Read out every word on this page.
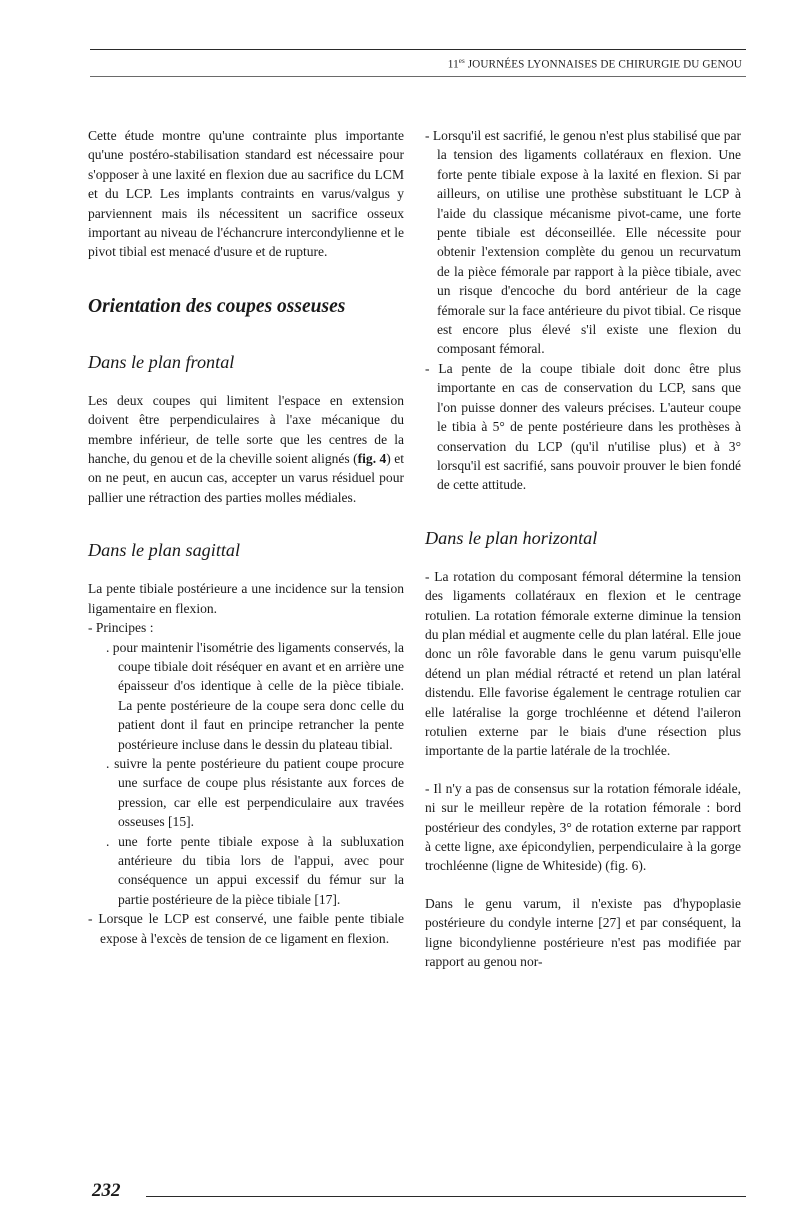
$11^{es}$ JOURNÉES LYONNAISES DE CHIRURGIE DU GENOU

Cette étude montre qu'une contrainte plus importante qu'une postéro-stabilisation standard est nécessaire pour s'opposer à une laxité en flexion due au sacrifice du LCM et du LCP. Les implants contraints en varus/valgus y parviennent mais ils nécessitent un sacrifice osseux important au niveau de l'échancrure intercondylienne et le pivot tibial est menacé d'usure et de rupture.

Orientation des coupes osseuses
Dans le plan frontal

Les deux coupes qui limitent l'espace en extension doivent être perpendiculaires à l'axe mécanique du membre inférieur, de telle sorte que les centres de la hanche, du genou et de la cheville soient alignés (fig. 4) et on ne peut, en aucun cas, accepter un varus résiduel pour pallier une rétraction des parties molles médiales.

Dans le plan sagittal

La pente tibiale postérieure a une incidence sur la tension ligamentaire en flexion.

- Principes :

. pour maintenir l'isométrie des ligaments conservés, la coupe tibiale doit réséquer en avant et en arrière une épaisseur d'os identique à celle de la pièce tibiale. La pente postérieure de la coupe sera donc celle du patient dont il faut en principe retrancher la pente postérieure incluse dans le dessin du plateau tibial.

. suivre la pente postérieure du patient coupe procure une surface de coupe plus résistante aux forces de pression, car elle est perpendiculaire aux travées osseuses [15].

. une forte pente tibiale expose à la subluxation antérieure du tibia lors de l'appui, avec pour conséquence un appui excessif du fémur sur la partie postérieure de la pièce tibiale [17].

- Lorsque le LCP est conservé, une faible pente tibiale expose à l'excès de tension de ce ligament en flexion.

- Lorsqu'il est sacrifié, le genou n'est plus stabilisé que par la tension des ligaments collatéraux en flexion. Une forte pente tibiale expose à la laxité en flexion. Si par ailleurs, on utilise une prothèse substituant le LCP à l'aide du classique mécanisme pivot-came, une forte pente tibiale est déconseillée. Elle nécessite pour obtenir l'extension complète du genou un recurvatum de la pièce fémorale par rapport à la pièce tibiale, avec un risque d'encoche du bord antérieur de la cage fémorale sur la face antérieure du pivot tibial. Ce risque est encore plus élevé s'il existe une flexion du composant fémoral.

- La pente de la coupe tibiale doit donc être plus importante en cas de conservation du LCP, sans que l'on puisse donner des valeurs précises. L'auteur coupe le tibia à 5° de pente postérieure dans les prothèses à conservation du LCP (qu'il n'utilise plus) et à 3° lorsqu'il est sacrifié, sans pouvoir prouver le bien fondé de cette attitude.

Dans le plan horizontal

- La rotation du composant fémoral détermine la tension des ligaments collatéraux en flexion et le centrage rotulien. La rotation fémorale externe diminue la tension du plan médial et augmente celle du plan latéral. Elle joue donc un rôle favorable dans le genu varum puisqu'elle détend un plan médial rétracté et retend un plan latéral distendu. Elle favorise également le centrage rotulien car elle latéralise la gorge trochléenne et détend l'aileron rotulien externe par le biais d'une résection plus importante de la partie latérale de la trochlée.

- Il n'y a pas de consensus sur la rotation fémorale idéale, ni sur le meilleur repère de la rotation fémorale : bord postérieur des condyles, 3° de rotation externe par rapport à cette ligne, axe épicondylien, perpendiculaire à la gorge trochléenne (ligne de Whiteside) (fig. 6).

Dans le genu varum, il n'existe pas d'hypoplasie postérieure du condyle interne [27] et par conséquent, la ligne bicondylienne postérieure n'est pas modifiée par rapport au genou nor-

232
